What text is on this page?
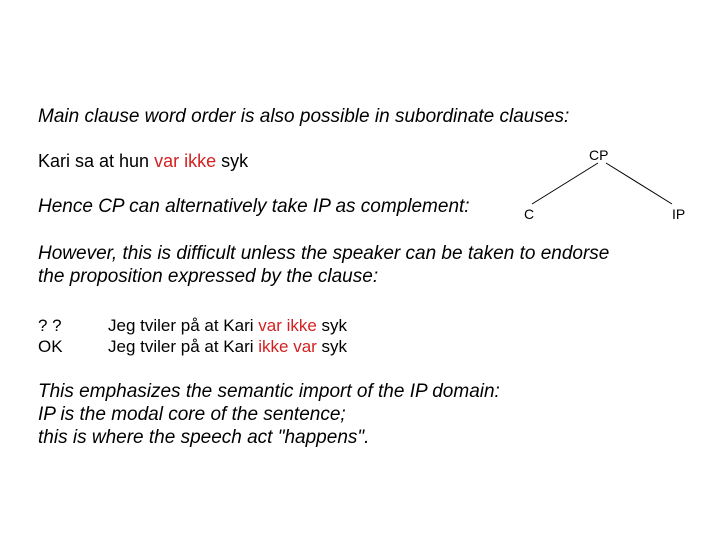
Main clause word order is also possible in subordinate clauses:
Kari sa at hun var ikke syk
Hence CP can alternatively take IP as complement:
CP
C	IP
However, this is difficult unless the speaker can be taken to endorse
the proposition expressed by the clause:
? ?	Jeg tviler på at Kari var ikke syk
OK	Jeg tviler på at Kari ikke var syk
This emphasizes the semantic import of the IP domain:
IP is the modal core of the sentence;
this is where the speech act "happens".
